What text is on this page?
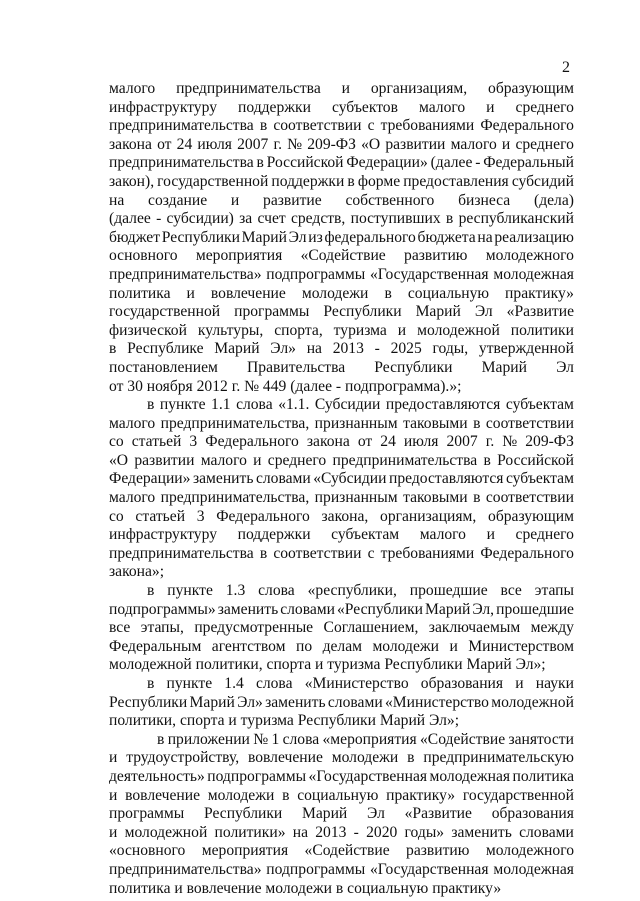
2
малого предпринимательства и организациям, образующим
инфраструктуру поддержки субъектов малого и среднего
предпринимательства в соответствии с требованиями Федерального
закона от 24 июля 2007 г. № 209-ФЗ «О развитии малого и среднего
предпринимательства в Российской Федерации» (далее - Федеральный
закон), государственной поддержки в форме предоставления субсидий
на создание и развитие собственного бизнеса (дела)
(далее - субсидии) за счет средств, поступивших в республиканский
бюджет Республики Марий Эл из федерального бюджета на реализацию
основного мероприятия «Содействие развитию молодежного
предпринимательства» подпрограммы «Государственная молодежная
политика и вовлечение молодежи в социальную практику»
государственной программы Республики Марий Эл «Развитие
физической культуры, спорта, туризма и молодежной политики
в Республике Марий Эл» на 2013 - 2025 годы, утвержденной
постановлением Правительства Республики Марий Эл
от 30 ноября 2012 г. № 449 (далее - подпрограмма).»;
в пункте 1.1 слова «1.1. Субсидии предоставляются субъектам
малого предпринимательства, признанным таковыми в соответствии
со статьей 3 Федерального закона от 24 июля 2007 г. № 209-ФЗ
«О развитии малого и среднего предпринимательства в Российской
Федерации» заменить словами «Субсидии предоставляются субъектам
малого предпринимательства, признанным таковыми в соответствии
со статьей 3 Федерального закона, организациям, образующим
инфраструктуру поддержки субъектам малого и среднего
предпринимательства в соответствии с требованиями Федерального
закона»;
в пункте 1.3 слова «республики, прошедшие все этапы
подпрограммы» заменить словами «Республики Марий Эл, прошедшие
все этапы, предусмотренные Соглашением, заключаемым между
Федеральным агентством по делам молодежи и Министерством
молодежной политики, спорта и туризма Республики Марий Эл»;
в пункте 1.4 слова «Министерство образования и науки
Республики Марий Эл» заменить словами «Министерство молодежной
политики, спорта и туризма Республики Марий Эл»;
в приложении № 1 слова «мероприятия «Содействие занятости
и трудоустройству, вовлечение молодежи в предпринимательскую
деятельность» подпрограммы «Государственная молодежная политика
и вовлечение молодежи в социальную практику» государственной
программы Республики Марий Эл «Развитие образования
и молодежной политики» на 2013 - 2020 годы» заменить словами
«основного мероприятия «Содействие развитию молодежного
предпринимательства» подпрограммы «Государственная молодежная
политика и вовлечение молодежи в социальную практику»
